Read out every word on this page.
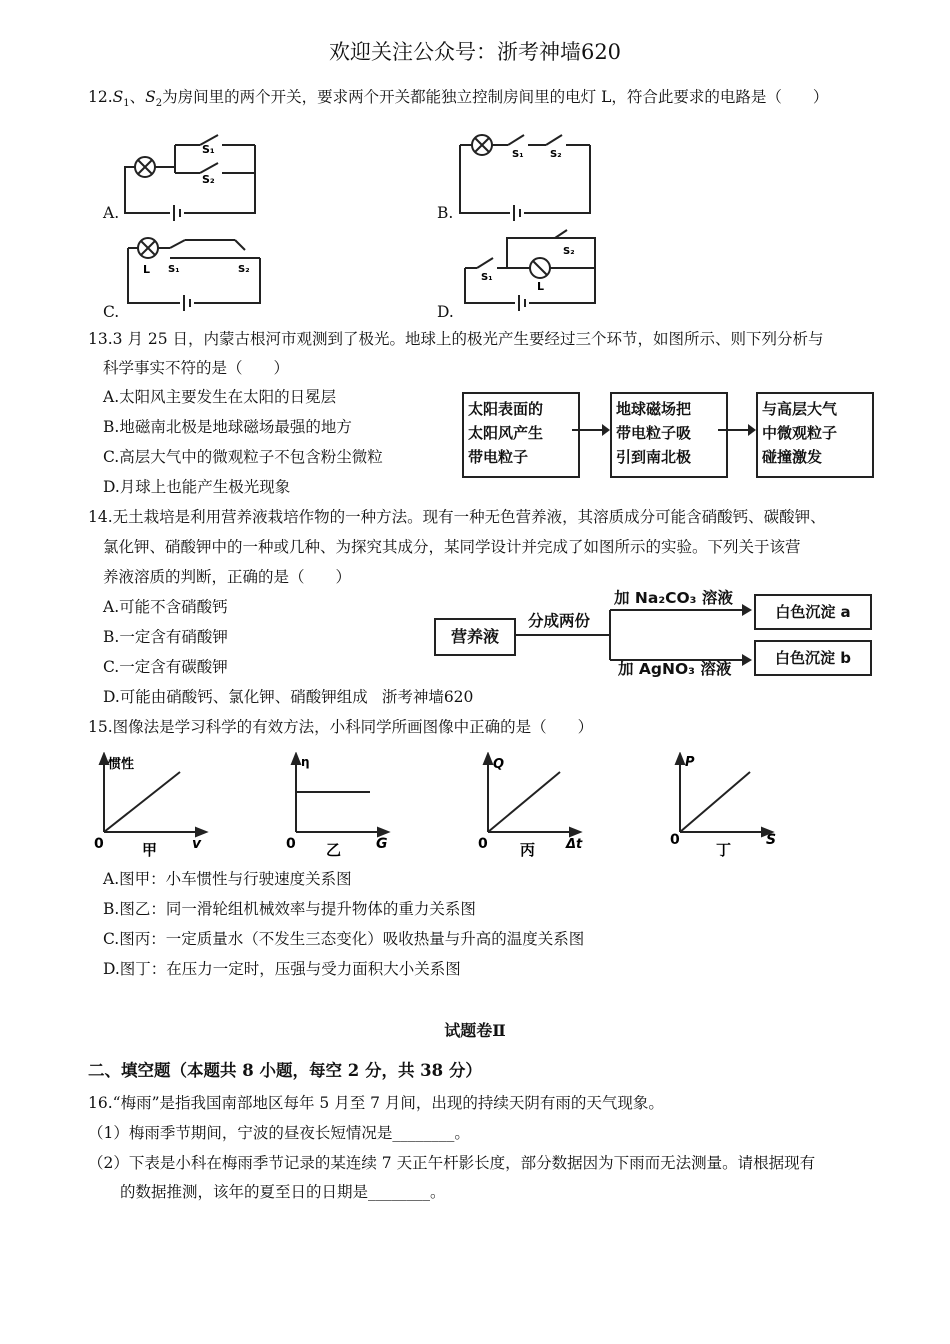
欢迎关注公众号：浙考神墙620
$12.S_1$、$S_2$为房间里的两个开关，要求两个开关都能独立控制房间里的电灯 L，符合此要求的电路是（　　）
S₁
S₂
A.
S₁	S₂
B.
L S₁	S₂
C.
S₁
S₂
L
D.
13.3 月 25 日，内蒙古根河市观测到了极光。地球上的极光产生要经过三个环节，如图所示、则下列分析与
科学事实不符的是（　　）
A.太阳风主要发生在太阳的日冕层
B.地磁南北极是地球磁场最强的地方
C.高层大气中的微观粒子不包含粉尘微粒
D.月球上也能产生极光现象
太阳表面的
太阳风产生
带电粒子
地球磁场把
带电粒子吸
引到南北极
与高层大气
中微观粒子
碰撞激发
14.无土栽培是利用营养液栽培作物的一种方法。现有一种无色营养液，其溶质成分可能含硝酸钙、碳酸钾、
氯化钾、硝酸钾中的一种或几种、为探究其成分，某同学设计并完成了如图所示的实验。下列关于该营
养液溶质的判断，正确的是（　　）
A.可能不含硝酸钙
B.一定含有硝酸钾
C.一定含有碳酸钾
D.可能由硝酸钙、氯化钾、硝酸钾组成 浙考神墙620
营养液
分成两份
加 Na₂CO₃ 溶液
加 AgNO₃ 溶液
白色沉淀 a
白色沉淀 b
15.图像法是学习科学的有效方法，小科同学所画图像中正确的是（　　）
惯性
0	v
甲
η
0	G
乙
Q
0	Δt
丙
P
0	S
丁
A.图甲：小车惯性与行驶速度关系图
B.图乙：同一滑轮组机械效率与提升物体的重力关系图
C.图丙：一定质量水（不发生三态变化）吸收热量与升高的温度关系图
D.图丁：在压力一定时，压强与受力面积大小关系图
试题卷Ⅱ
二、填空题（本题共 8 小题，每空 2 分，共 38 分）
16.“梅雨”是指我国南部地区每年 5 月至 7 月间，出现的持续天阴有雨的天气现象。
（1）梅雨季节期间，宁波的昼夜长短情况是________。
（2）下表是小科在梅雨季节记录的某连续 7 天正午杆影长度，部分数据因为下雨而无法测量。请根据现有
的数据推测，该年的夏至日的日期是________。
